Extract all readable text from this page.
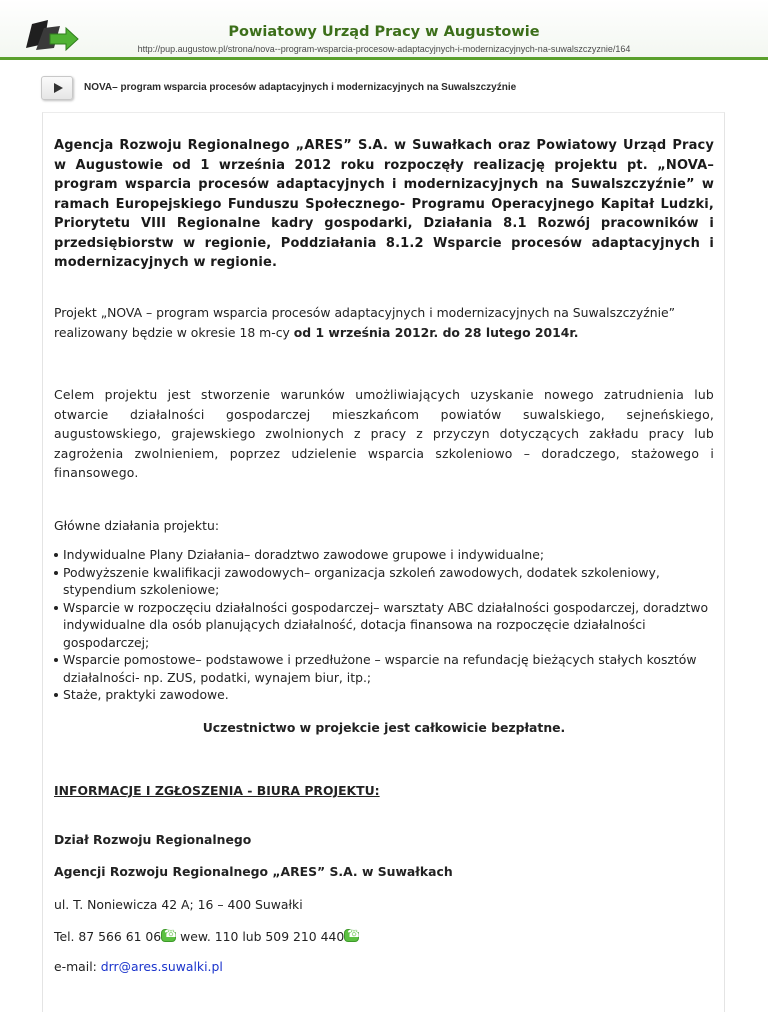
Powiatowy Urząd Pracy w Augustowie
http://pup.augustow.pl/strona/nova--program-wsparcia-procesow-adaptacyjnych-i-modernizacyjnych-na-suwalszczyznie/164
NOVA– program wsparcia procesów adaptacyjnych i modernizacyjnych na Suwalszczyźnie
Agencja Rozwoju Regionalnego „ARES” S.A. w Suwałkach oraz Powiatowy Urząd Pracy w Augustowie od 1 września 2012 roku rozpoczęły realizację projektu pt. „NOVA– program wsparcia procesów adaptacyjnych i modernizacyjnych na Suwalszczyźnie” w ramach Europejskiego Funduszu Społecznego- Programu Operacyjnego Kapitał Ludzki, Priorytetu VIII Regionalne kadry gospodarki, Działania 8.1 Rozwój pracowników i przedsiębiorstw w regionie, Poddziałania 8.1.2 Wsparcie procesów adaptacyjnych i modernizacyjnych w regionie.
Projekt „NOVA – program wsparcia procesów adaptacyjnych i modernizacyjnych na Suwalszczyźnie” realizowany będzie w okresie 18 m-cy od 1 września 2012r. do 28 lutego 2014r.
Celem projektu jest stworzenie warunków umożliwiających uzyskanie nowego zatrudnienia lub otwarcie działalności gospodarczej mieszkańcom powiatów suwalskiego, sejneńskiego, augustowskiego, grajewskiego zwolnionych z pracy z przyczyn dotyczących zakładu pracy lub zagrożenia zwolnieniem, poprzez udzielenie wsparcia szkoleniowo – doradczego, stażowego i finansowego.
Główne działania projektu:
Indywidualne Plany Działania– doradztwo zawodowe grupowe i indywidualne;
Podwyższenie kwalifikacji zawodowych– organizacja szkoleń zawodowych, dodatek szkoleniowy, stypendium szkoleniowe;
Wsparcie w rozpoczęciu działalności gospodarczej– warsztaty ABC działalności gospodarczej, doradztwo indywidualne dla osób planujących działalność, dotacja finansowa na rozpoczęcie działalności gospodarczej;
Wsparcie pomostowe– podstawowe i przedłużone – wsparcie na refundację bieżących stałych kosztów działalności- np. ZUS, podatki, wynajem biur, itp.;
Staże, praktyki zawodowe.
Uczestnictwo w projekcie jest całkowicie bezpłatne.
INFORMACJE I ZGŁOSZENIA - BIURA PROJEKTU:
Dział Rozwoju Regionalnego
Agencji Rozwoju Regionalnego „ARES” S.A. w Suwałkach
ul. T. Noniewicza 42 A; 16 – 400 Suwałki
Tel. 87 566 61 06☎ wew. 110 lub 509 210 440☎
e-mail: drr@ares.suwalki.pl
